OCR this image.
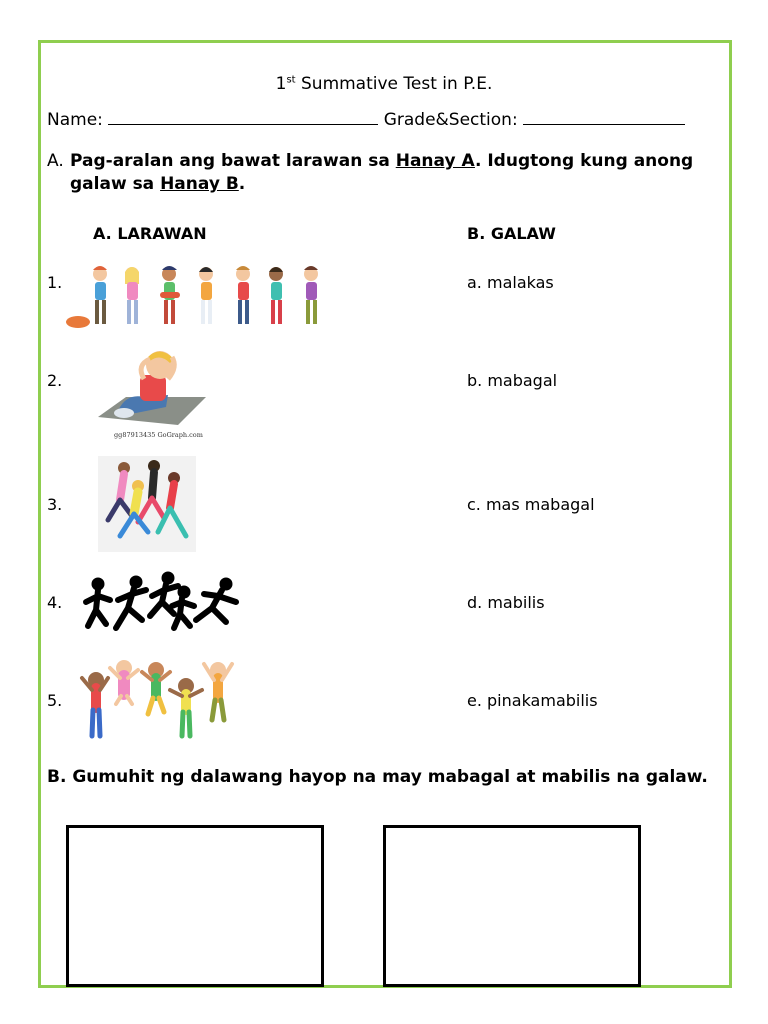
1st Summative Test in P.E.
Name:	Grade&Section:
A. Pag-aralan ang bawat larawan sa Hanay A. Idugtong kung anong galaw sa Hanay B.
A. LARAWAN	B. GALAW
1.
2.
3.
4.
5.
a. malakas
b. mabagal
c. mas mabagal
d. mabilis
e. pinakamabilis
gg87913435 GoGraph.com
B. Gumuhit ng dalawang hayop na may mabagal at mabilis na galaw.
